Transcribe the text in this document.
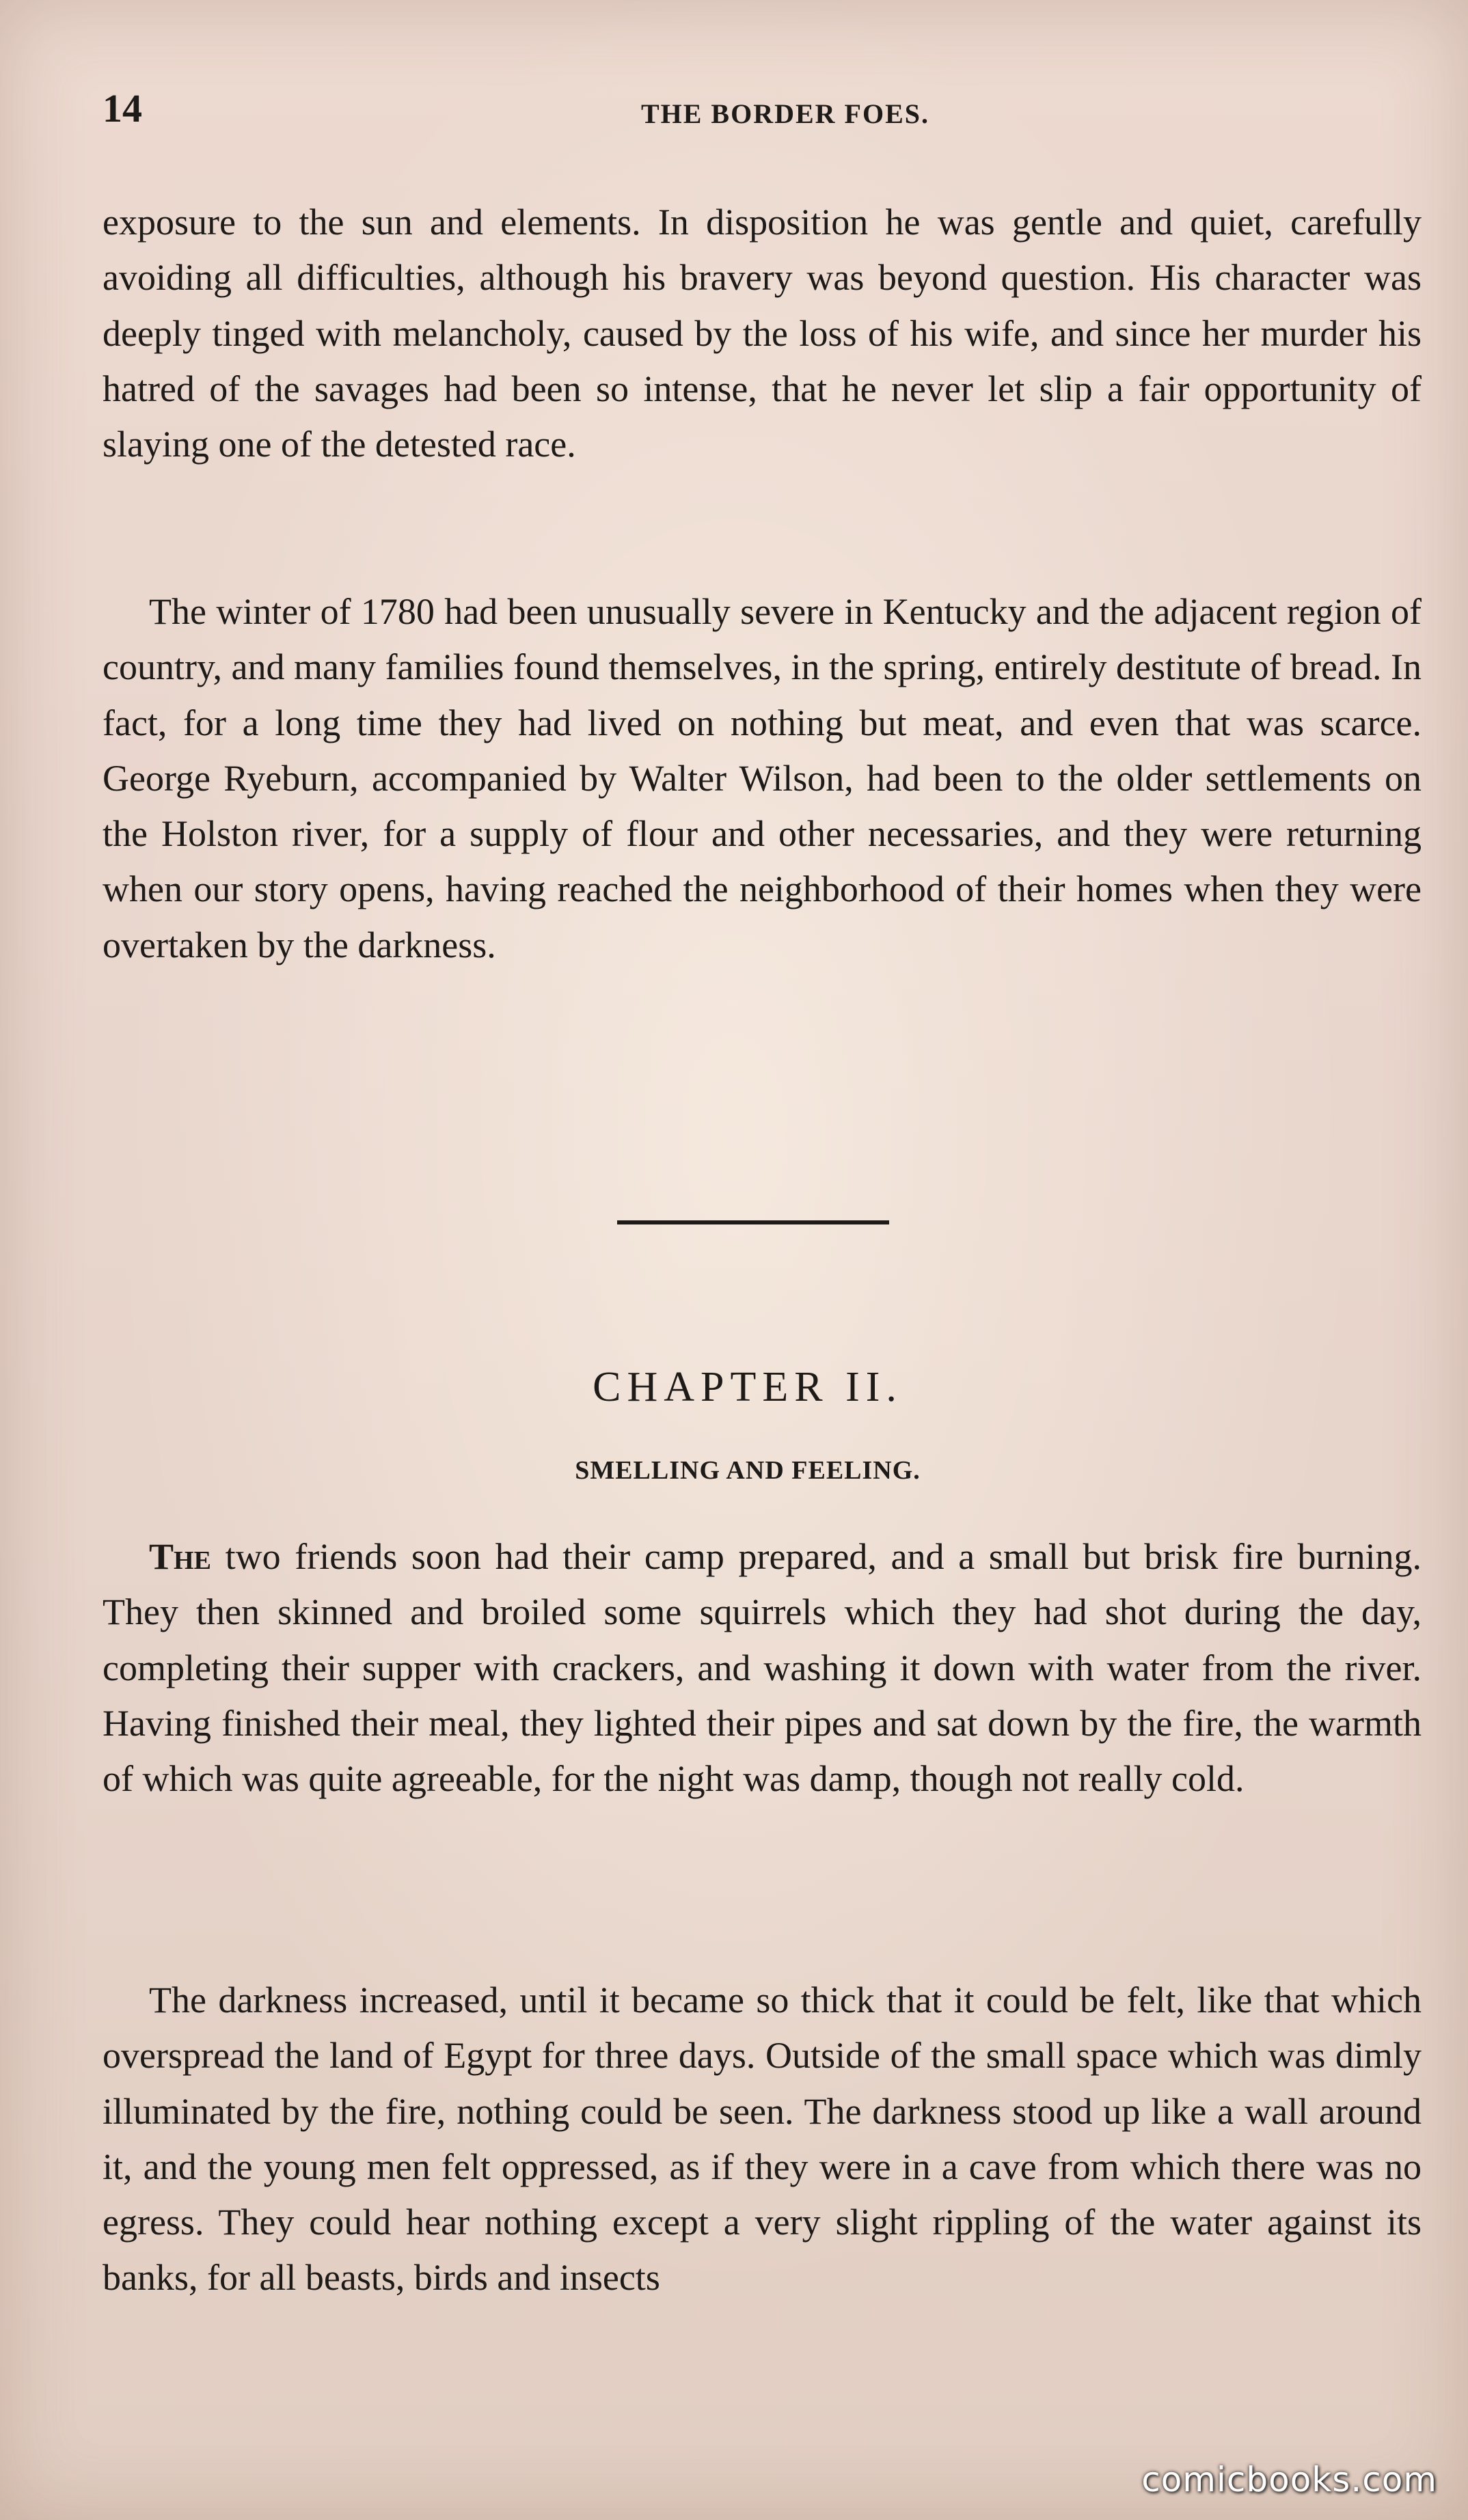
14	THE BORDER FOES.

exposure to the sun and elements. In disposition he was gentle and quiet, carefully avoiding all difficulties, although his bravery was beyond question. His character was deeply tinged with melancholy, caused by the loss of his wife, and since her murder his hatred of the savages had been so intense, that he never let slip a fair opportunity of slaying one of the detested race.

The winter of 1780 had been unusually severe in Kentucky and the adjacent region of country, and many families found themselves, in the spring, entirely destitute of bread. In fact, for a long time they had lived on nothing but meat, and even that was scarce. George Ryeburn, accompanied by Walter Wilson, had been to the older settlements on the Holston river, for a supply of flour and other necessaries, and they were returning when our story opens, having reached the neighborhood of their homes when they were overtaken by the darkness.

CHAPTER II.
SMELLING AND FEELING.

The two friends soon had their camp prepared, and a small but brisk fire burning. They then skinned and broiled some squirrels which they had shot during the day, completing their supper with crackers, and washing it down with water from the river. Having finished their meal, they lighted their pipes and sat down by the fire, the warmth of which was quite agreeable, for the night was damp, though not really cold.

The darkness increased, until it became so thick that it could be felt, like that which overspread the land of Egypt for three days. Outside of the small space which was dimly illuminated by the fire, nothing could be seen. The darkness stood up like a wall around it, and the young men felt oppressed, as if they were in a cave from which there was no egress. They could hear nothing except a very slight rippling of the water against its banks, for all beasts, birds and insects

comicbooks.com
